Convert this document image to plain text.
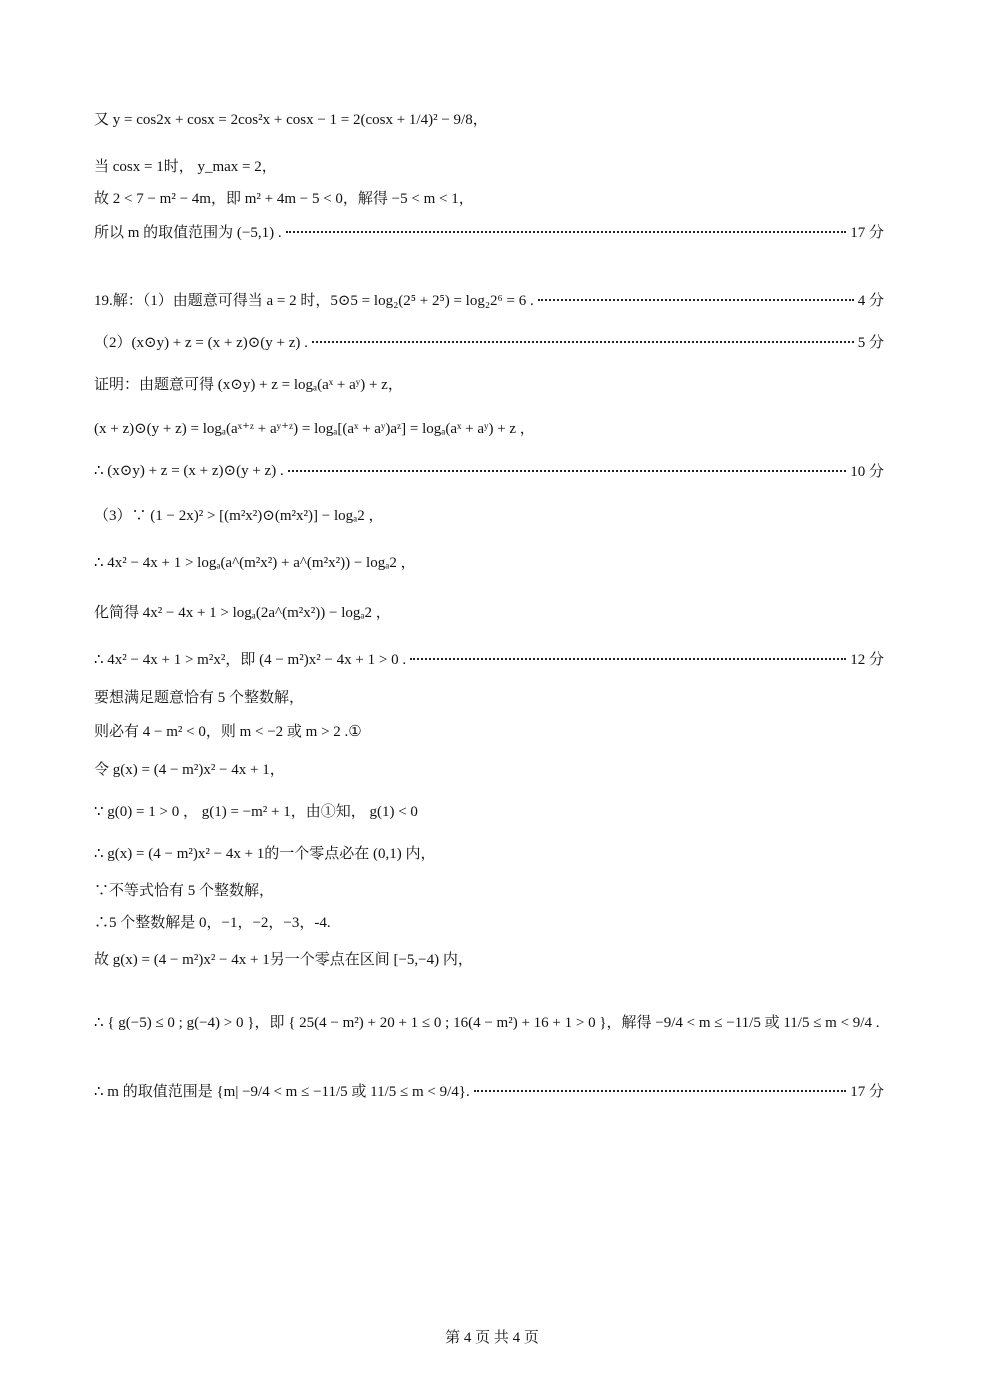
又 y = cos2x + cosx = 2cos²x + cosx − 1 = 2(cosx + 1/4)² − 9/8，
当 cosx = 1时， y_max = 2，
故 2 < 7 − m² − 4m，即 m² + 4m − 5 < 0，解得 −5 < m < 1，
所以 m 的取值范围为 (−5,1) .	17 分
19.解：（1）由题意可得当 a = 2 时，5⊙5 = log₂(2⁵ + 2⁵) = log₂2⁶ = 6 .	4 分
（2）(x⊙y) + z = (x + z)⊙(y + z) .	5 分
证明：由题意可得 (x⊙y) + z = logₐ(aˣ + aʸ) + z，
(x + z)⊙(y + z) = logₐ(aˣ⁺ᶻ + aʸ⁺ᶻ) = logₐ[(aˣ + aʸ)aᶻ] = logₐ(aˣ + aʸ) + z ，
∴ (x⊙y) + z = (x + z)⊙(y + z) .	10 分
（3）∵ (1 − 2x)² > [(m²x²)⊙(m²x²)] − logₐ2 ，
∴ 4x² − 4x + 1 > logₐ(a^(m²x²) + a^(m²x²)) − logₐ2 ，
化简得 4x² − 4x + 1 > logₐ(2a^(m²x²)) − logₐ2 ，
∴ 4x² − 4x + 1 > m²x²，即 (4 − m²)x² − 4x + 1 > 0 .	12 分
要想满足题意恰有 5 个整数解，
则必有 4 − m² < 0，则 m < −2 或 m > 2 .①
令 g(x) = (4 − m²)x² − 4x + 1，
∵ g(0) = 1 > 0 ， g(1) = −m² + 1，由①知， g(1) < 0
∴ g(x) = (4 − m²)x² − 4x + 1的一个零点必在 (0,1) 内，
∵不等式恰有 5 个整数解，
∴5 个整数解是 0，−1，−2，−3，-4.
故 g(x) = (4 − m²)x² − 4x + 1另一个零点在区间 [−5,−4) 内，
∴ { g(−5) ≤ 0 ; g(−4) > 0 }，即 { 25(4 − m²) + 20 + 1 ≤ 0 ; 16(4 − m²) + 16 + 1 > 0 }，解得 −9/4 < m ≤ −11/5 或 11/5 ≤ m < 9/4 .
∴ m 的取值范围是 {m| −9/4 < m ≤ −11/5 或 11/5 ≤ m < 9/4}.	17 分
第 4 页 共 4 页
